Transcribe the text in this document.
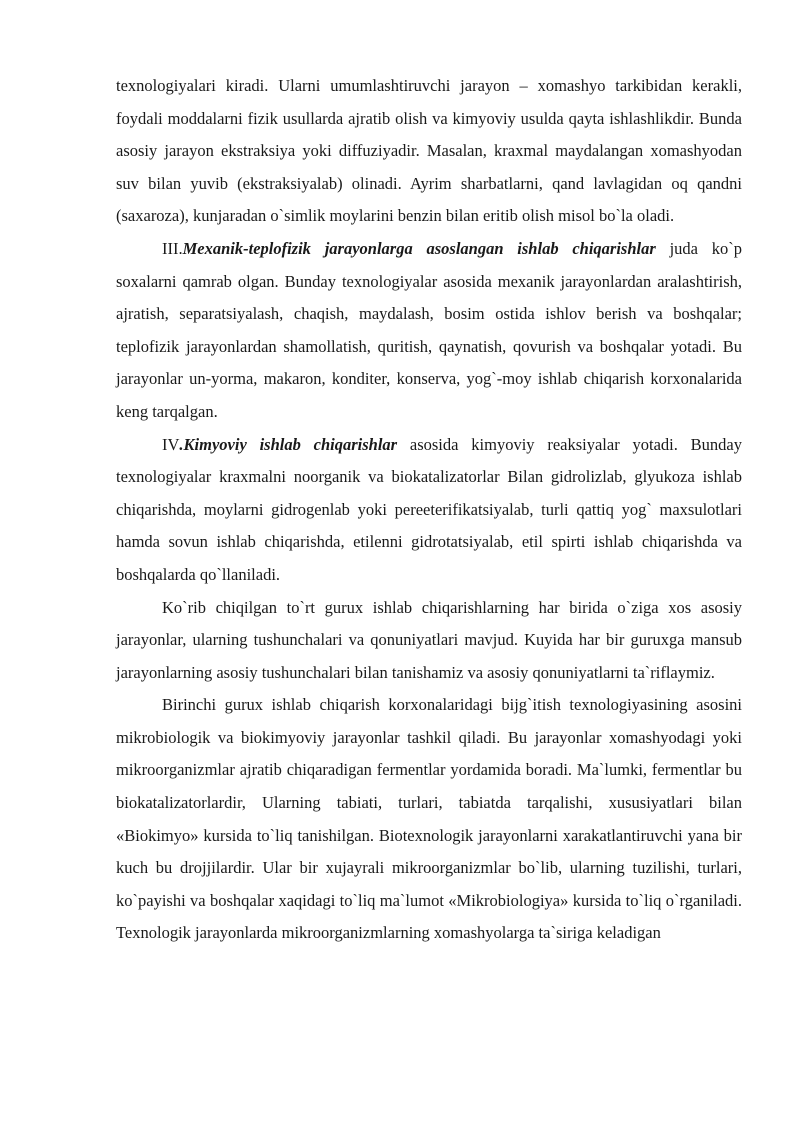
texnologiyalari kiradi. Ularni umumlashtiruvchi jarayon – xomashyo tarkibidan kerakli, foydali moddalarni fizik usullarda ajratib olish va kimyoviy usulda qayta ishlashlikdir. Bunda asosiy jarayon ekstraksiya yoki diffuziyadir. Masalan, kraxmal maydalangan xomashyodan suv bilan yuvib (ekstraksiyalab) olinadi. Ayrim sharbatlarni, qand lavlagidan oq qandni (saxaroza), kunjaradan o`simlik moylarini benzin bilan eritib olish misol bo`la oladi.

III.Mexanik-teplofizik jarayonlarga asoslangan ishlab chiqarishlar juda ko`p soxalarni qamrab olgan. Bunday texnologiyalar asosida mexanik jarayonlardan aralashtirish, ajratish, separatsiyalash, chaqish, maydalash, bosim ostida ishlov berish va boshqalar; teplofizik jarayonlardan shamollatish, quritish, qaynatish, qovurish va boshqalar yotadi. Bu jarayonlar un-yorma, makaron, konditer, konserva, yog`-moy ishlab chiqarish korxonalarida keng tarqalgan.

IV.Kimyoviy ishlab chiqarishlar asosida kimyoviy reaksiyalar yotadi. Bunday texnologiyalar kraxmalni noorganik va biokatalizatorlar Bilan gidrolizlab, glyukoza ishlab chiqarishda, moylarni gidrogenlab yoki pereeterifikatsiyalab, turli qattiq yog` maxsulotlari hamda sovun ishlab chiqarishda, etilenni gidrotatsiyalab, etil spirti ishlab chiqarishda va boshqalarda qo`llaniladi.

Ko`rib chiqilgan to`rt gurux ishlab chiqarishlarning har birida o`ziga xos asosiy jarayonlar, ularning tushunchalari va qonuniyatlari mavjud. Kuyida har bir guruxga mansub jarayonlarning asosiy tushunchalari bilan tanishamiz va asosiy qonuniyatlarni ta`riflaymiz.

Birinchi gurux ishlab chiqarish korxonalaridagi bijg`itish texnologiyasining asosini mikrobiologik va biokimyoviy jarayonlar tashkil qiladi. Bu jarayonlar xomashyodagi yoki mikroorganizmlar ajratib chiqaradigan fermentlar yordamida boradi. Ma`lumki, fermentlar bu biokatalizatorlardir, Ularning tabiati, turlari, tabiatda tarqalishi, xususiyatlari bilan «Biokimyo» kursida to`liq tanishilgan. Biotexnologik jarayonlarni xarakatlantiruvchi yana bir kuch bu drojjilardir. Ular bir xujayrali mikroorganizmlar bo`lib, ularning tuzilishi, turlari, ko`payishi va boshqalar xaqidagi to`liq ma`lumot «Mikrobiologiya» kursida to`liq o`rganiladi. Texnologik jarayonlarda mikroorganizmlarning xomashyolarga ta`siriga keladigan
